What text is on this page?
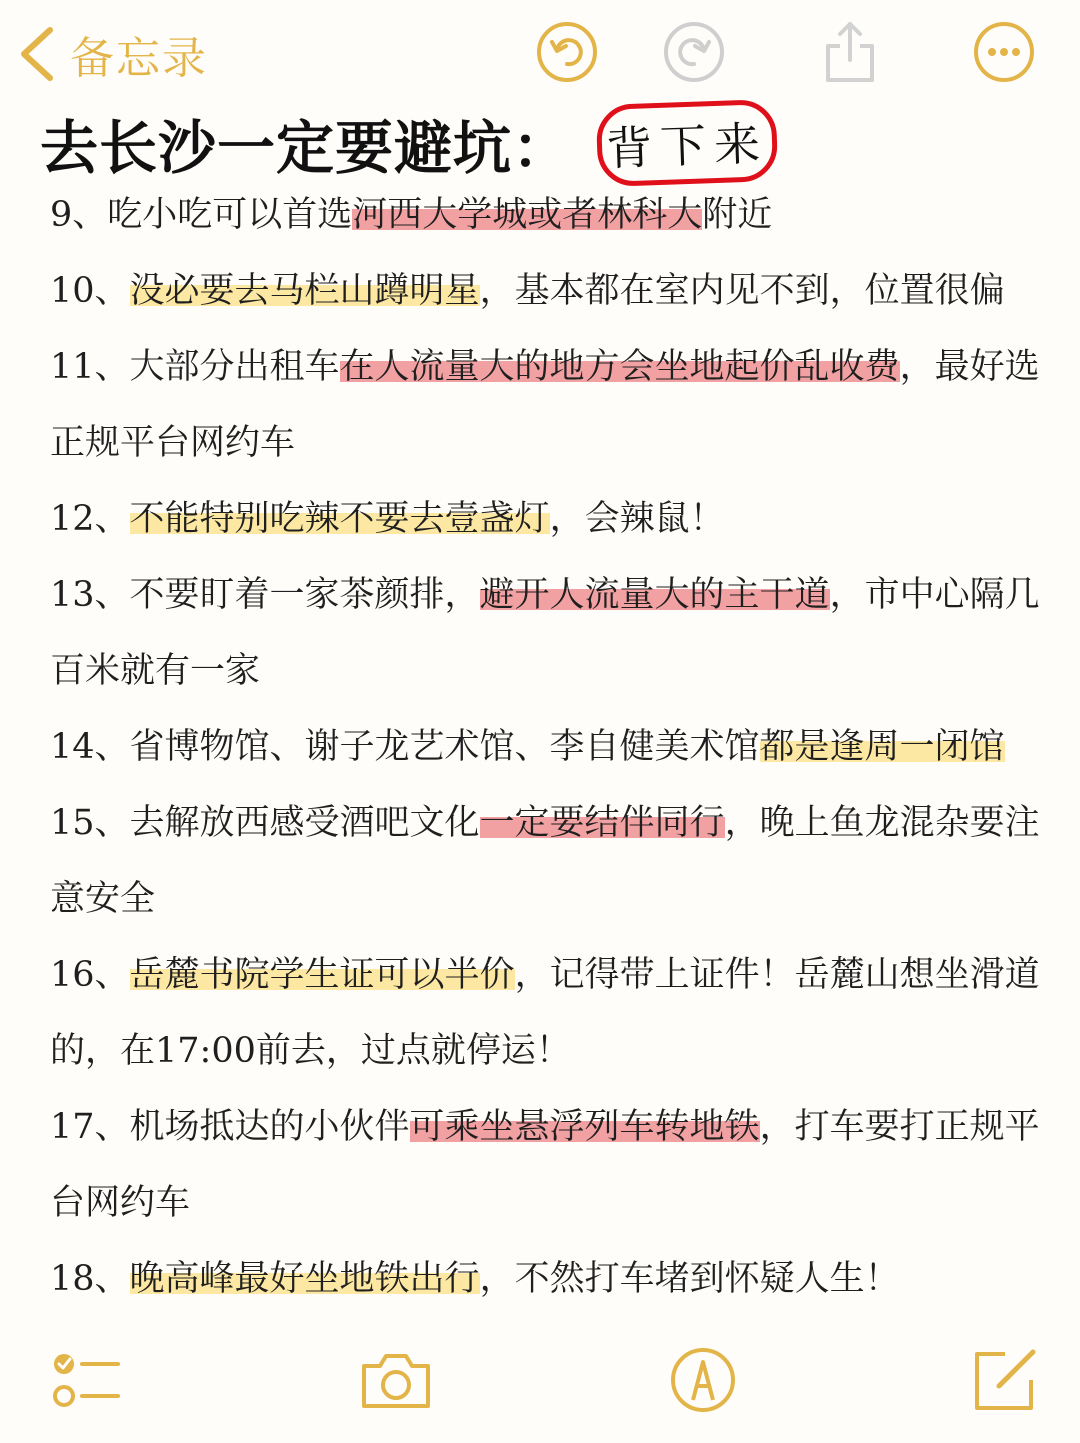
备忘录
去长沙一定要避坑： 背下来
9、吃小吃可以首选河西大学城或者林科大附近
10、没必要去马栏山蹲明星，基本都在室内见不到，位置很偏
11、大部分出租车在人流量大的地方会坐地起价乱收费，最好选
正规平台网约车
12、不能特别吃辣不要去壹盏灯，会辣鼠！
13、不要盯着一家茶颜排，避开人流量大的主干道，市中心隔几
百米就有一家
14、省博物馆、谢子龙艺术馆、李自健美术馆都是逢周一闭馆
15、去解放西感受酒吧文化一定要结伴同行，晚上鱼龙混杂要注
意安全
16、岳麓书院学生证可以半价，记得带上证件！岳麓山想坐滑道
的，在17:00前去，过点就停运！
17、机场抵达的小伙伴可乘坐悬浮列车转地铁，打车要打正规平
台网约车
18、晚高峰最好坐地铁出行，不然打车堵到怀疑人生！
